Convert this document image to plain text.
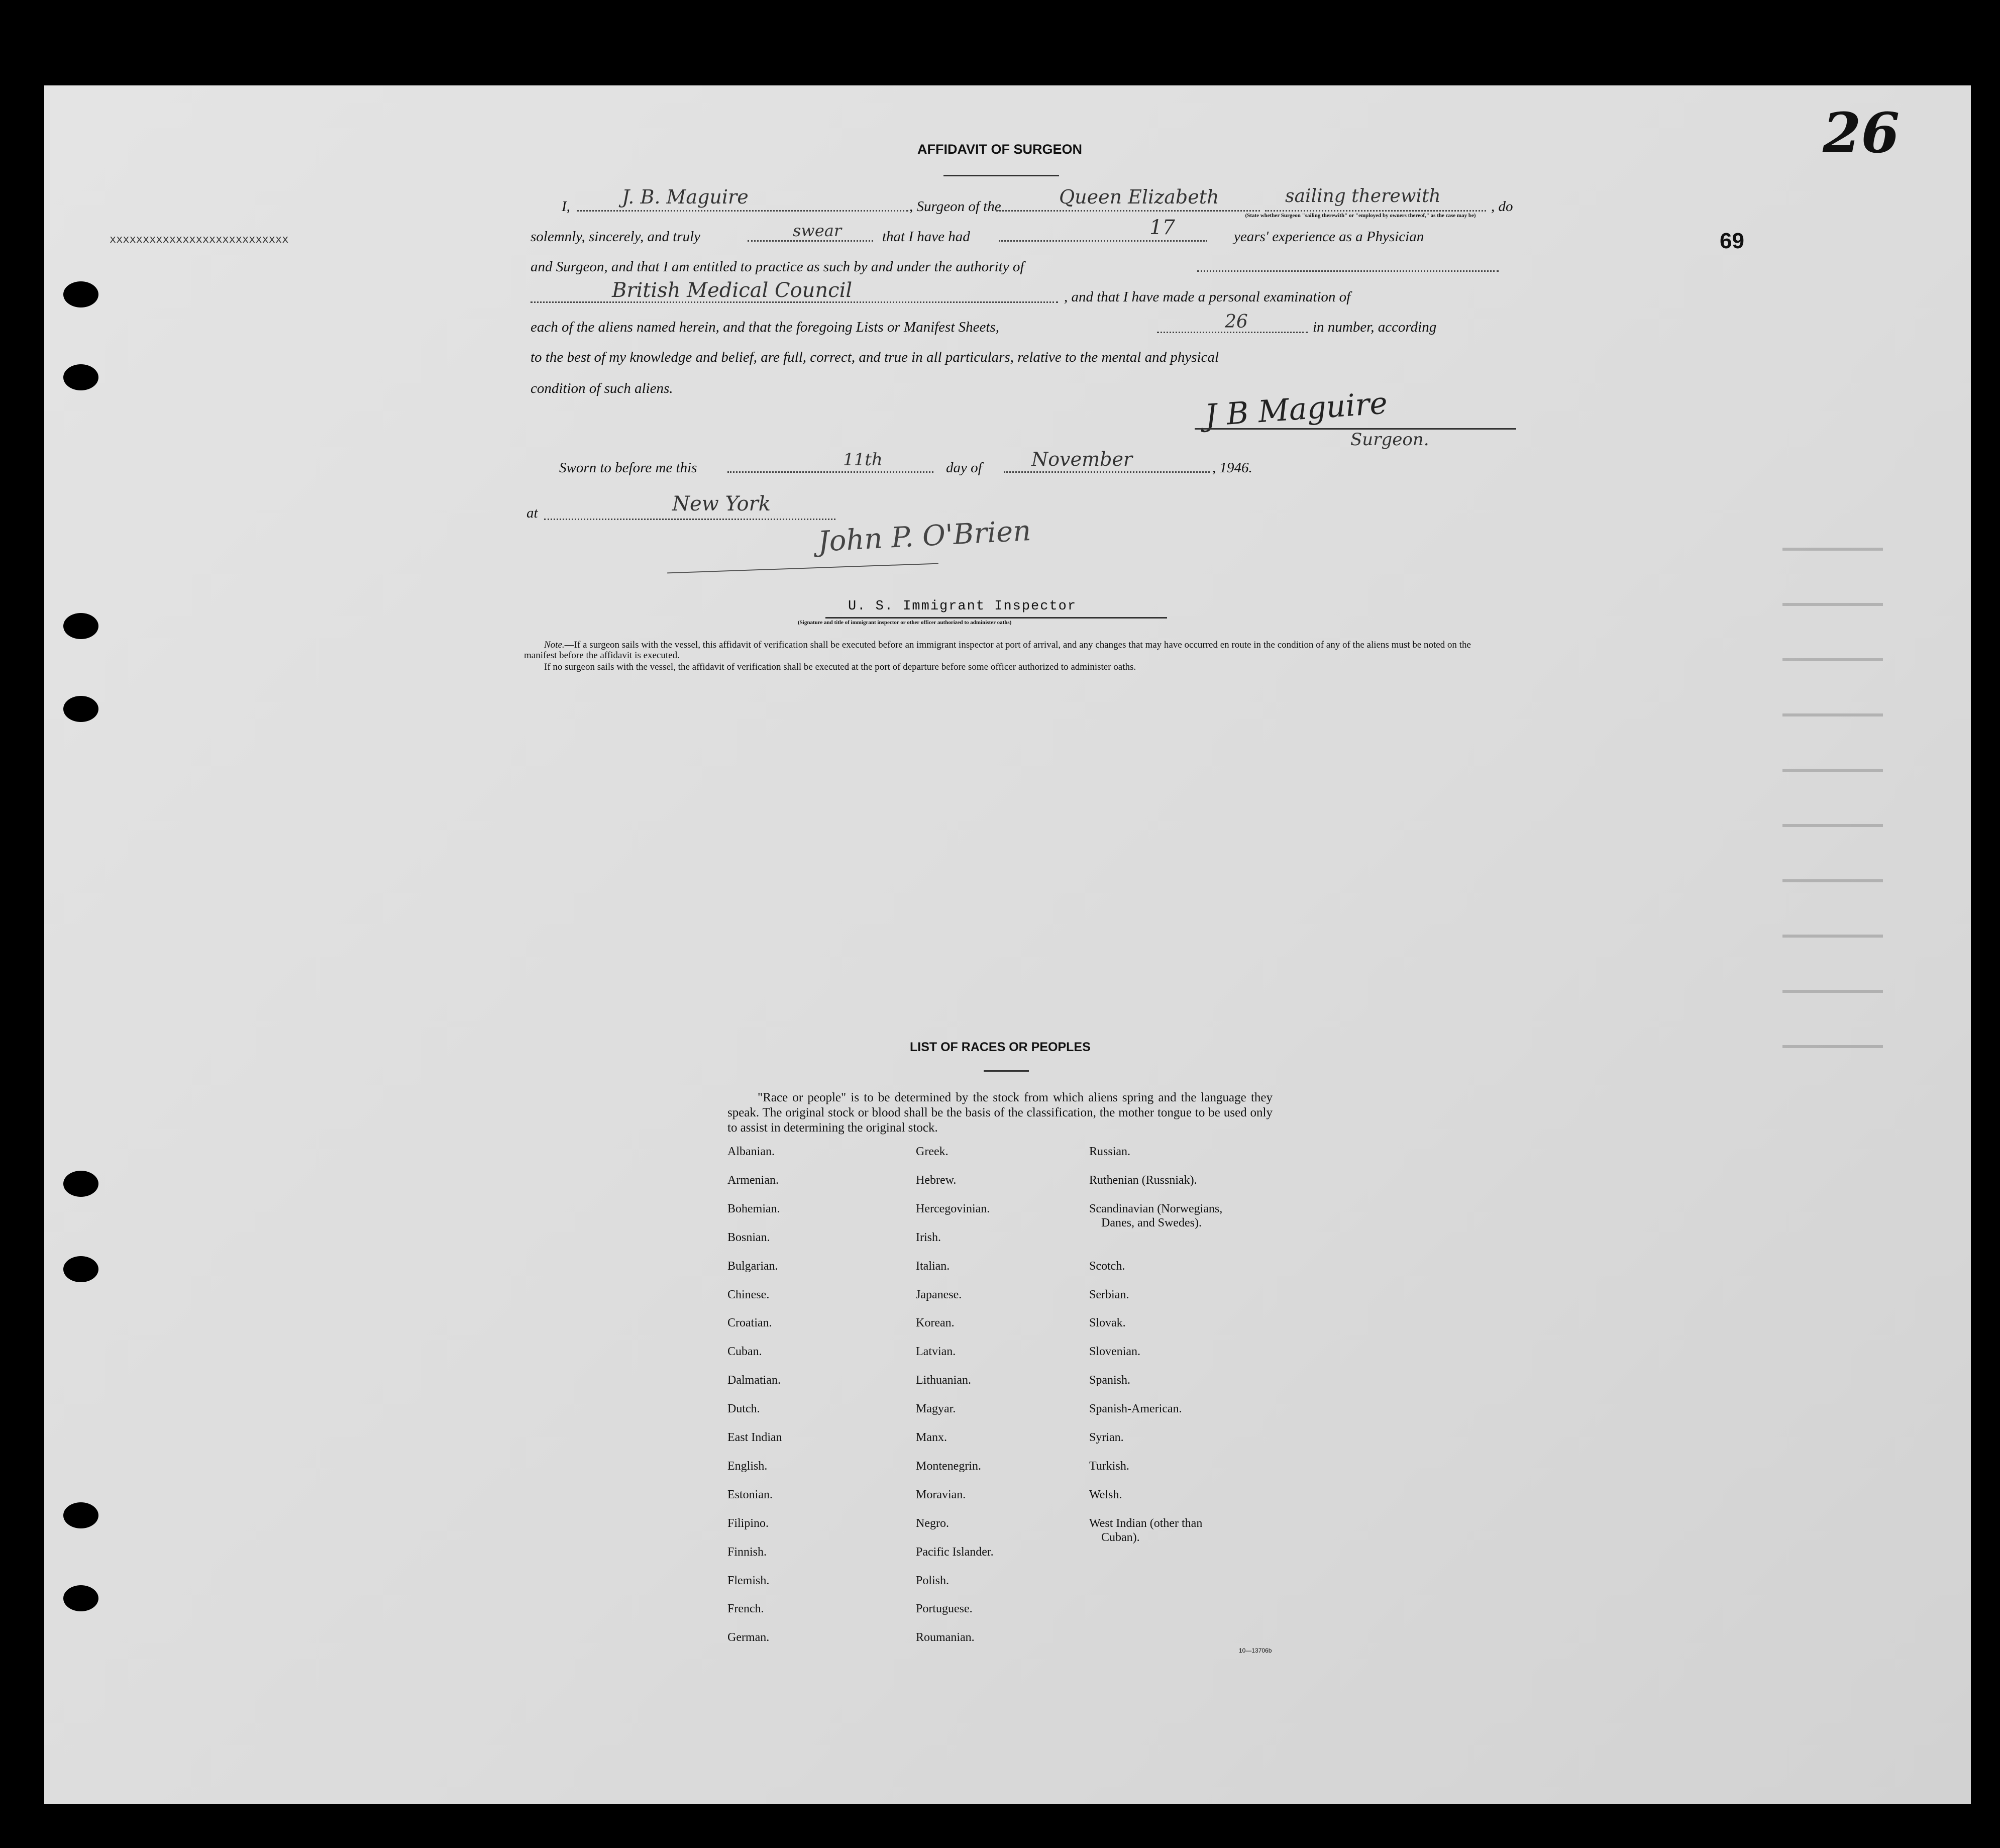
26
69
xxxxxxxxxxxxxxxxxxxxxxxxxxx
AFFIDAVIT OF SURGEON
I,	J. B. Maguire	, Surgeon of the	Queen Elizabeth	sailing therewith	, do
(State whether Surgeon "sailing therewith" or "employed by owners thereof," as the case may be)
solemnly, sincerely, and truly	swear	that I have had	17	years' experience as a Physician
and Surgeon, and that I am entitled to practice as such by and under the authority of
British Medical Council	, and that I have made a personal examination of
each of the aliens named herein, and that the foregoing Lists or Manifest Sheets,	26	in number, according
to the best of my knowledge and belief, are full, correct, and true in all particulars, relative to the mental and physical
condition of such aliens.	J B Maguire
Surgeon.
Sworn to before me this	11th	day of	November	, 1946.
at	New York
John P. O'Brien
U. S. Immigrant Inspector
(Signature and title of immigrant inspector or other officer authorized to administer oaths)
Note.—If a surgeon sails with the vessel, this affidavit of verification shall be executed before an immigrant inspector at port of arrival, and any changes that may have occurred en route in the condition of any of the aliens must be noted on the manifest before the affidavit is executed.
If no surgeon sails with the vessel, the affidavit of verification shall be executed at the port of departure before some officer authorized to administer oaths.
LIST OF RACES OR PEOPLES
"Race or people" is to be determined by the stock from which aliens spring and the language they speak. The original stock or blood shall be the basis of the classification, the mother tongue to be used only to assist in determining the original stock.
Albanian.
Armenian.
Bohemian.
Bosnian.
Bulgarian.
Chinese.
Croatian.
Cuban.
Dalmatian.
Dutch.
East Indian
English.
Estonian.
Filipino.
Finnish.
Flemish.
French.
German.
Greek.
Hebrew.
Hercegovinian.
Irish.
Italian.
Japanese.
Korean.
Latvian.
Lithuanian.
Magyar.
Manx.
Montenegrin.
Moravian.
Negro.
Pacific Islander.
Polish.
Portuguese.
Roumanian.
Russian.
Ruthenian (Russniak).
Scandinavian (Norwegians,
Danes, and Swedes).
Scotch.
Serbian.
Slovak.
Slovenian.
Spanish.
Spanish-American.
Syrian.
Turkish.
Welsh.
West Indian (other than
Cuban).
10—13706b
